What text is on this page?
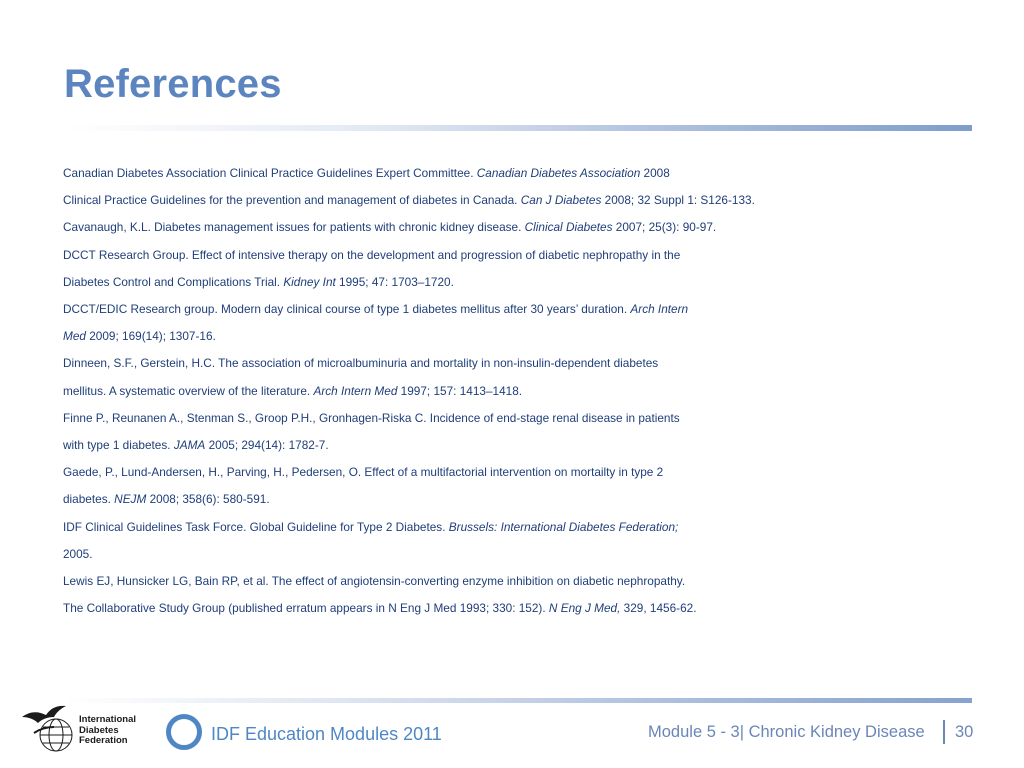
References
Canadian Diabetes Association Clinical Practice Guidelines Expert Committee. Canadian Diabetes Association 2008
Clinical Practice Guidelines for the prevention and management of diabetes in Canada. Can J Diabetes 2008; 32 Suppl 1: S126-133.
Cavanaugh, K.L. Diabetes management issues for patients with chronic kidney disease. Clinical Diabetes 2007; 25(3): 90-97.
DCCT Research Group. Effect of intensive therapy on the development and progression of diabetic nephropathy in the
Diabetes Control and Complications Trial. Kidney Int 1995; 47: 1703–1720.
DCCT/EDIC Research group. Modern day clinical course of type 1 diabetes mellitus after 30 years’ duration. Arch Intern
Med 2009; 169(14); 1307-16.
Dinneen, S.F., Gerstein, H.C. The association of microalbuminuria and mortality in non-insulin-dependent diabetes
mellitus. A systematic overview of the literature. Arch Intern Med 1997; 157: 1413–1418.
Finne P., Reunanen A., Stenman S., Groop P.H., Gronhagen-Riska C. Incidence of end-stage renal disease in patients
with type 1 diabetes. JAMA 2005; 294(14): 1782-7.
Gaede, P., Lund-Andersen, H., Parving, H., Pedersen, O. Effect of a multifactorial intervention on mortailty in type 2
diabetes. NEJM 2008; 358(6): 580-591.
IDF Clinical Guidelines Task Force. Global Guideline for Type 2 Diabetes. Brussels: International Diabetes Federation;
2005.
Lewis EJ, Hunsicker LG, Bain RP, et al. The effect of angiotensin-converting enzyme inhibition on diabetic nephropathy.
The Collaborative Study Group (published erratum appears in N Eng J Med 1993; 330: 152). N Eng J Med, 329, 1456-62.
International
Diabetes
Federation	IDF Education Modules 2011	Module 5 - 3| Chronic Kidney Disease 30
